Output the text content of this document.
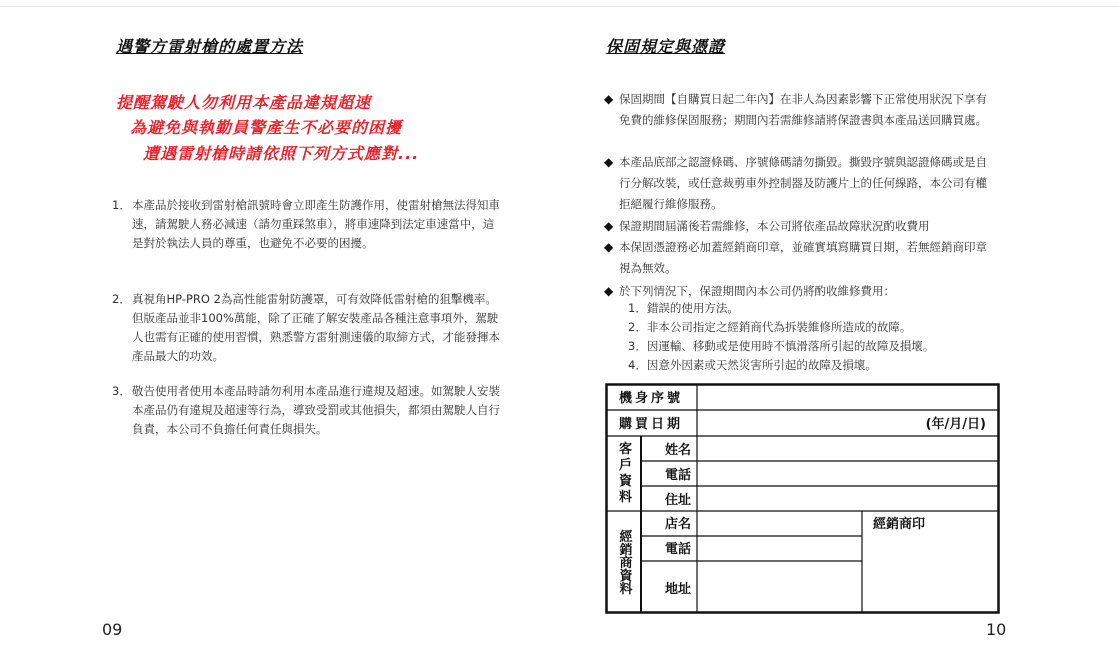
遇警方雷射槍的處置方法
提醒駕駛人勿利用本產品違規超速
為避免與執勤員警產生不必要的困擾
遭遇雷射槍時請依照下列方式應對...
1． 本產品於接收到雷射槍訊號時會立即產生防護作用，使雷射槍無法得知車速，請駕駛人務必減速（請勿重踩煞車），將車速降到法定車速當中，這是對於執法人員的尊重，也避免不必要的困擾。
2． 真視角HP-PRO 2為高性能雷射防護罩，可有效降低雷射槍的狙擊機率。但版產品並非100%萬能，除了正確了解安裝產品各種注意事項外，駕駛人也需有正確的使用習慣，熟悉警方雷射測速儀的取締方式，才能發揮本產品最大的功效。
3． 敬告使用者使用本產品時請勿利用本產品進行違規及超速。如駕駛人安裝本產品仍有違規及超速等行為，導致受罰或其他損失，都須由駕駛人自行負責，本公司不負擔任何責任與損失。
09
保固規定與憑證
◆ 保固期間【自購買日起二年內】在非人為因素影響下正常使用狀況下享有免費的維修保固服務；期間內若需維修請將保證書與本產品送回購買處。
◆ 本產品底部之認證條碼、序號條碼請勿撕毀。撕毀序號與認證條碼或是自行分解改裝，或任意裁剪車外控制器及防護片上的任何線路，本公司有權拒絕履行維修服務。
◆ 保證期間屆滿後若需維修，本公司將依產品故障狀況酌收費用
◆ 本保固憑證務必加蓋經銷商印章，並確實填寫購買日期，若無經銷商印章視為無效。
◆ 於下列情況下，保證期間內本公司仍將酌收維修費用：
1．錯誤的使用方法。
2．非本公司指定之經銷商代為拆裝維修所造成的故障。
3．因運輸、移動或是使用時不慎滑落所引起的故障及損壞。
4．因意外因素或天然災害所引起的故障及損壞。
機身序號
購買日期	(年/月/日)
客戶資料
姓名
電話
住址
經銷商資料
店名
電話
地址
經銷商印
10
